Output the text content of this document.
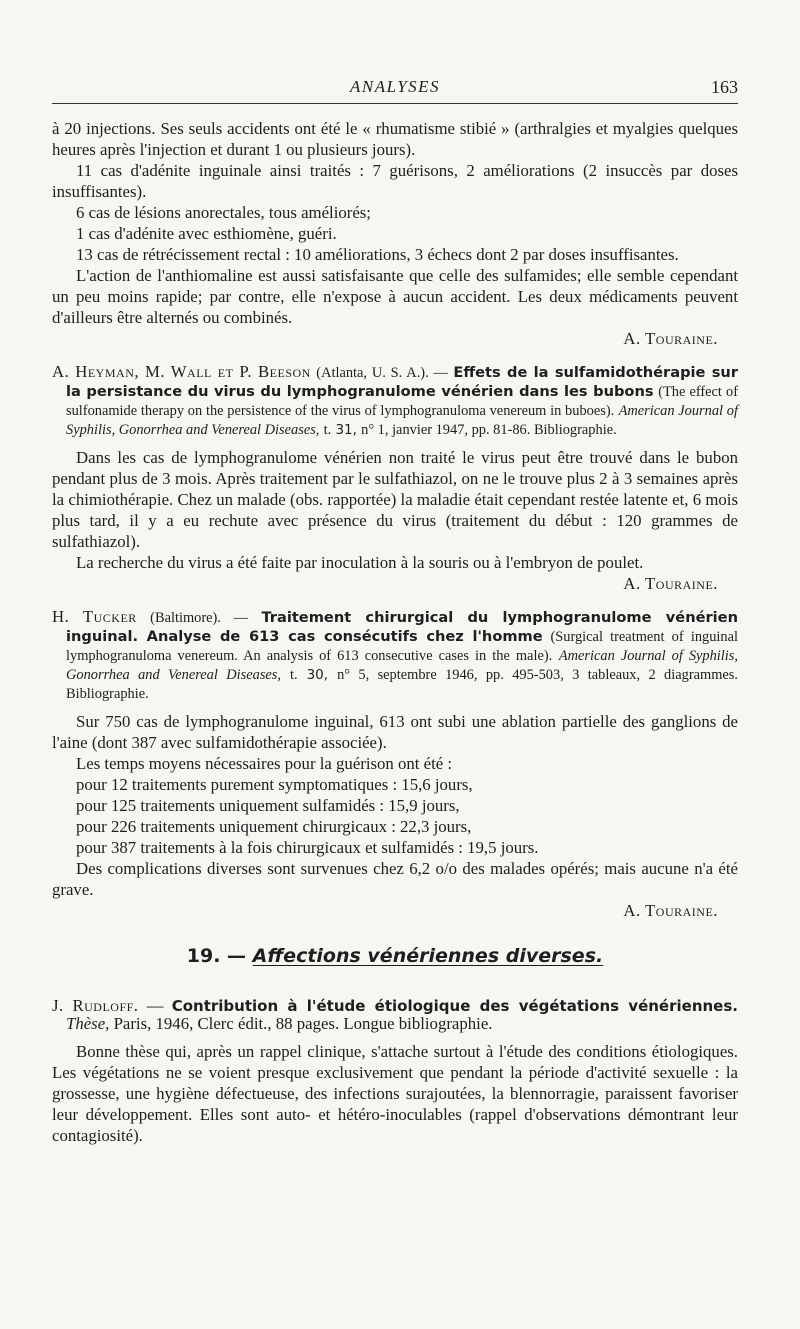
ANALYSES	163

à 20 injections. Ses seuls accidents ont été le « rhumatisme stibié » (arthralgies et myalgies quelques heures après l'injection et durant 1 ou plusieurs jours).

11 cas d'adénite inguinale ainsi traités : 7 guérisons, 2 améliorations (2 insuccès par doses insuffisantes).

6 cas de lésions anorectales, tous améliorés;

1 cas d'adénite avec esthiomène, guéri.

13 cas de rétrécissement rectal : 10 améliorations, 3 échecs dont 2 par doses insuffisantes.

L'action de l'anthiomaline est aussi satisfaisante que celle des sulfamides; elle semble cependant un peu moins rapide; par contre, elle n'expose à aucun accident. Les deux médicaments peuvent d'ailleurs être alternés ou combinés.

A. Touraine.

A. Heyman, M. Wall et P. Beeson (Atlanta, U. S. A.). — Effets de la sulfamidothérapie sur la persistance du virus du lymphogranulome vénérien dans les bubons (The effect of sulfonamide therapy on the persistence of the virus of lymphogranuloma venereum in buboes). American Journal of Syphilis, Gonorrhea and Venereal Diseases, t. 31, n° 1, janvier 1947, pp. 81-86. Bibliographie.

Dans les cas de lymphogranulome vénérien non traité le virus peut être trouvé dans le bubon pendant plus de 3 mois. Après traitement par le sulfathiazol, on ne le trouve plus 2 à 3 semaines après la chimiothérapie. Chez un malade (obs. rapportée) la maladie était cependant restée latente et, 6 mois plus tard, il y a eu rechute avec présence du virus (traitement du début : 120 grammes de sulfathiazol).

La recherche du virus a été faite par inoculation à la souris ou à l'embryon de poulet.

A. Touraine.

H. Tucker (Baltimore). — Traitement chirurgical du lymphogranulome vénérien inguinal. Analyse de 613 cas consécutifs chez l'homme (Surgical treatment of inguinal lymphogranuloma venereum. An analysis of 613 consecutive cases in the male). American Journal of Syphilis, Gonorrhea and Venereal Diseases, t. 30, n° 5, septembre 1946, pp. 495-503, 3 tableaux, 2 diagrammes. Bibliographie.

Sur 750 cas de lymphogranulome inguinal, 613 ont subi une ablation partielle des ganglions de l'aine (dont 387 avec sulfamidothérapie associée).

Les temps moyens nécessaires pour la guérison ont été :

pour 12 traitements purement symptomatiques : 15,6 jours,

pour 125 traitements uniquement sulfamidés : 15,9 jours,

pour 226 traitements uniquement chirurgicaux : 22,3 jours,

pour 387 traitements à la fois chirurgicaux et sulfamidés : 19,5 jours.

Des complications diverses sont survenues chez 6,2 o/o des malades opérés; mais aucune n'a été grave.

A. Touraine.
19. — Affections vénériennes diverses.

J. Rudloff. — Contribution à l'étude étiologique des végétations vénériennes. Thèse, Paris, 1946, Clerc édit., 88 pages. Longue bibliographie.

Bonne thèse qui, après un rappel clinique, s'attache surtout à l'étude des conditions étiologiques. Les végétations ne se voient presque exclusivement que pendant la période d'activité sexuelle : la grossesse, une hygiène défectueuse, des infections surajoutées, la blennorragie, paraissent favoriser leur développement. Elles sont auto- et hétéro-inoculables (rappel d'observations démontrant leur contagiosité).
